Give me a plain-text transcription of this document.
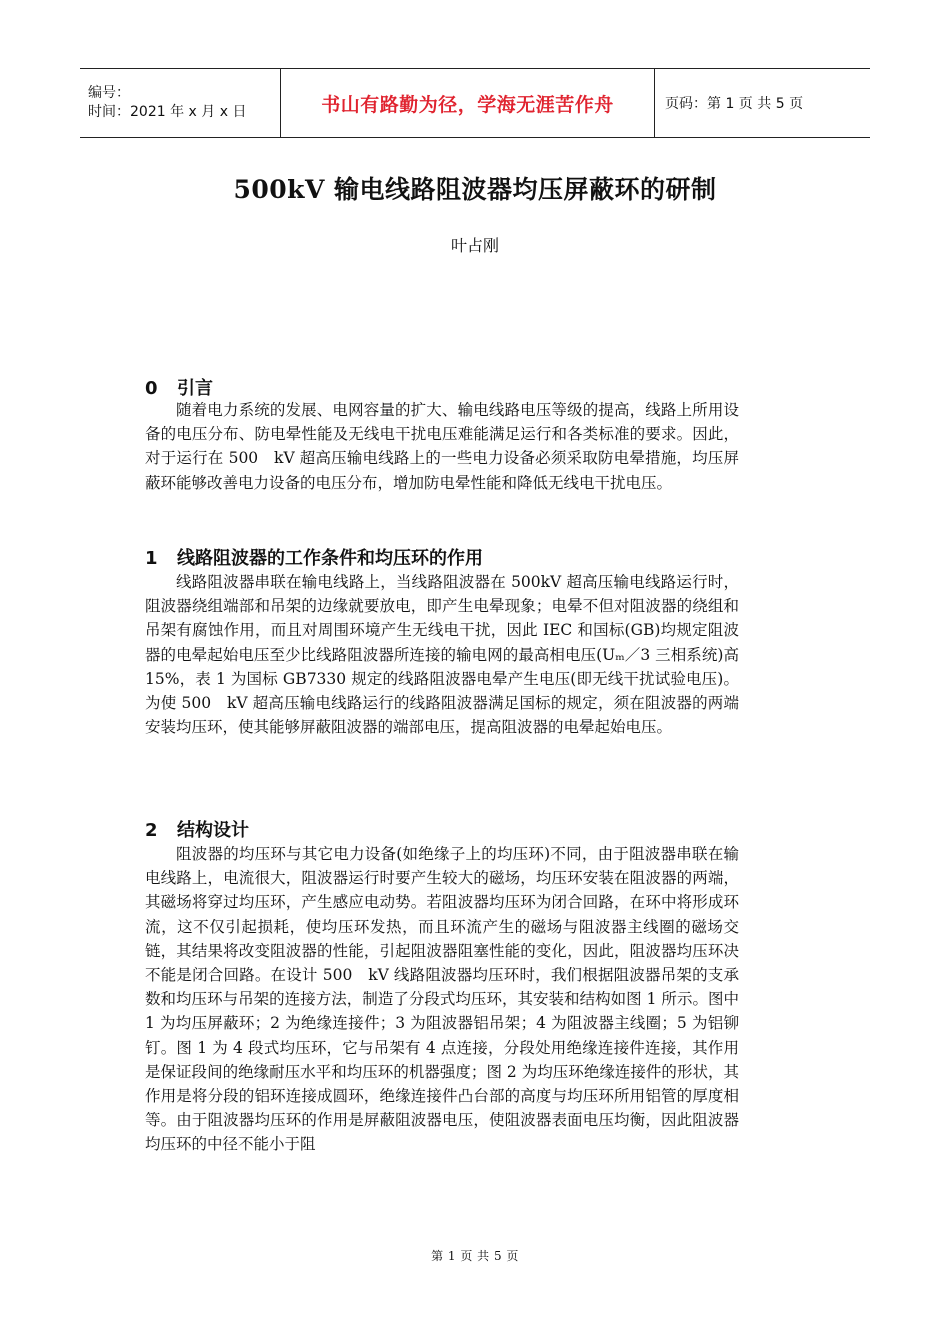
编号：
时间：2021 年 x 月 x 日	书山有路勤为径，学海无涯苦作舟	页码：第 1 页 共 5 页
500kV 输电线路阻波器均压屏蔽环的研制
叶占刚
0 引言

随着电力系统的发展、电网容量的扩大、输电线路电压等级的提高，线路上所用设备的电压分布、防电晕性能及无线电干扰电压难能满足运行和各类标准的要求。因此，对于运行在 500　kV 超高压输电线路上的一些电力设备必须采取防电晕措施，均压屏蔽环能够改善电力设备的电压分布，增加防电晕性能和降低无线电干扰电压。

1 线路阻波器的工作条件和均压环的作用

线路阻波器串联在输电线路上，当线路阻波器在 500kV 超高压输电线路运行时，阻波器绕组端部和吊架的边缘就要放电，即产生电晕现象；电晕不但对阻波器的绕组和吊架有腐蚀作用，而且对周围环境产生无线电干扰，因此 IEC 和国标(GB)均规定阻波器的电晕起始电压至少比线路阻波器所连接的输电网的最高相电压(Uₘ／3 三相系统)高 15%，表 1 为国标 GB7330 规定的线路阻波器电晕产生电压(即无线干扰试验电压)。为使 500　kV 超高压输电线路运行的线路阻波器满足国标的规定，须在阻波器的两端安装均压环，使其能够屏蔽阻波器的端部电压，提高阻波器的电晕起始电压。

2 结构设计

阻波器的均压环与其它电力设备(如绝缘子上的均压环)不同，由于阻波器串联在输电线路上，电流很大，阻波器运行时要产生较大的磁场，均压环安装在阻波器的两端，其磁场将穿过均压环，产生感应电动势。若阻波器均压环为闭合回路，在环中将形成环流，这不仅引起损耗，使均压环发热，而且环流产生的磁场与阻波器主线圈的磁场交链，其结果将改变阻波器的性能，引起阻波器阻塞性能的变化，因此，阻波器均压环决不能是闭合回路。在设计 500　kV 线路阻波器均压环时，我们根据阻波器吊架的支承数和均压环与吊架的连接方法，制造了分段式均压环，其安装和结构如图 1 所示。图中 1 为均压屏蔽环；2 为绝缘连接件；3 为阻波器铝吊架；4 为阻波器主线圈；5 为铝铆钉。图 1 为 4 段式均压环，它与吊架有 4 点连接，分段处用绝缘连接件连接，其作用是保证段间的绝缘耐压水平和均压环的机器强度；图 2 为均压环绝缘连接件的形状，其作用是将分段的铝环连接成圆环，绝缘连接件凸台部的高度与均压环所用铝管的厚度相等。由于阻波器均压环的作用是屏蔽阻波器电压，使阻波器表面电压均衡，因此阻波器均压环的中径不能小于阻

第 1 页 共 5 页
